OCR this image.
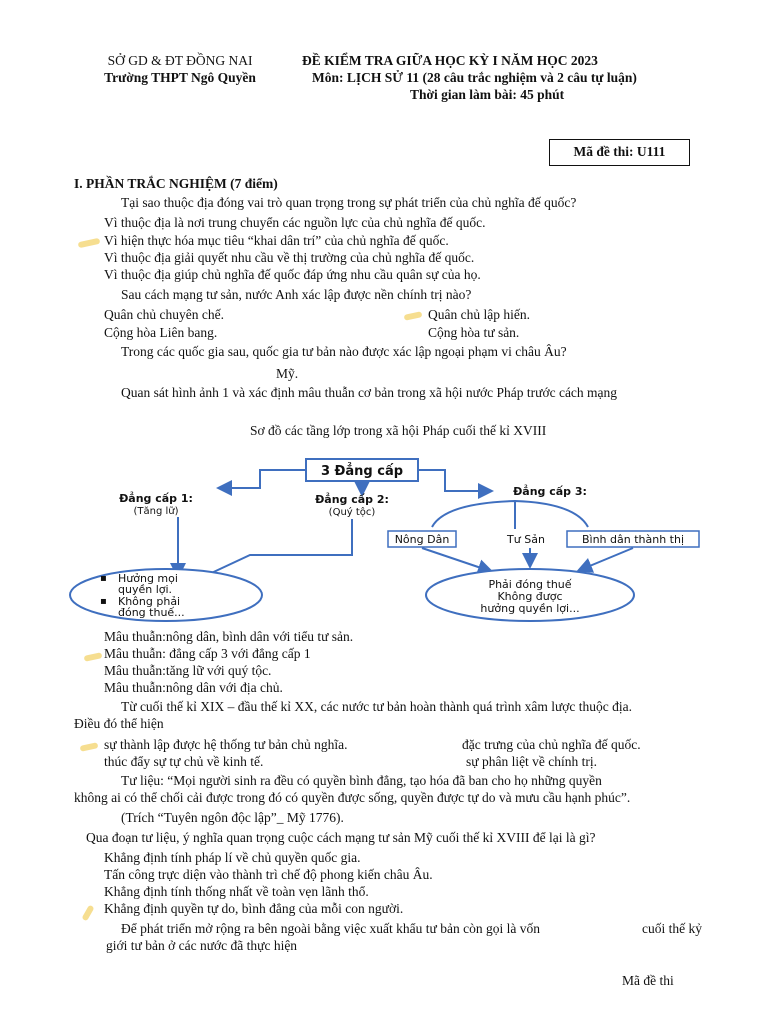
SỞ GD & ĐT ĐỒNG NAI
Trường THPT Ngô Quyền
ĐỀ KIỂM TRA GIỮA HỌC KỲ I NĂM HỌC 2023
Môn: LỊCH SỬ 11 (28 câu trắc nghiệm và 2 câu tự luận)
Thời gian làm bài: 45 phút
Mã đề thi: U111
I. PHẦN TRẮC NGHIỆM (7 điểm)
Tại sao thuộc địa đóng vai trò quan trọng trong sự phát triển của chủ nghĩa đế quốc?
Vì thuộc địa là nơi trung chuyển các nguồn lực của chủ nghĩa đế quốc.
Vì hiện thực hóa mục tiêu “khai dân trí” của chủ nghĩa đế quốc.
Vì thuộc địa giải quyết nhu cầu về thị trường của chủ nghĩa đế quốc.
Vì thuộc địa giúp chủ nghĩa đế quốc đáp ứng nhu cầu quân sự của họ.
Sau cách mạng tư sản, nước Anh xác lập được nền chính trị nào?
Quân chủ chuyên chế.	Quân chủ lập hiến.
Cộng hòa Liên bang.	Cộng hòa tư sản.
Trong các quốc gia sau, quốc gia tư bản nào được xác lập ngoại phạm vi châu Âu?
Mỹ.
Quan sát hình ảnh 1 và xác định mâu thuẫn cơ bản trong xã hội nước Pháp trước cách mạng
Sơ đồ các tầng lớp trong xã hội Pháp cuối thế kỉ XVIII
3 Đẳng cấp
Đẳng cấp 1:
(Tăng lữ)
Đẳng cấp 2:
(Quý tộc)
Đẳng cấp 3:
▪ Hưởng mọi
quyền lợi.
▪ Không phải
đóng thuế...
Nông Dân	Tư Sản	Bình dân thành thị
Phải đóng thuế
Không được
hưởng quyền lợi...
Mâu thuẫn:nông dân, bình dân với tiểu tư sản.
Mâu thuẫn: đẳng cấp 3 với đẳng cấp 1
Mâu thuẫn:tăng lữ với quý tộc.
Mâu thuẫn:nông dân với địa chủ.
Từ cuối thế kỉ XIX – đầu thế kỉ XX, các nước tư bản hoàn thành quá trình xâm lược thuộc địa.
Điều đó thể hiện
sự thành lập được hệ thống tư bản chủ nghĩa.	đặc trưng của chủ nghĩa đế quốc.
thúc đẩy sự tự chủ về kinh tế.	sự phân liệt về chính trị.
Tư liệu: “Mọi người sinh ra đều có quyền bình đẳng, tạo hóa đã ban cho họ những quyền
không ai có thể chối cải được trong đó có quyền được sống, quyền được tự do và mưu cầu hạnh phúc”.
(Trích “Tuyên ngôn độc lập”_ Mỹ 1776).
Qua đoạn tư liệu, ý nghĩa quan trọng cuộc cách mạng tư sản Mỹ cuối thế kỉ XVIII để lại là gì?
Khẳng định tính pháp lí về chủ quyền quốc gia.
Tấn công trực diện vào thành trì chế độ phong kiến châu Âu.
Khẳng định tính thống nhất về toàn vẹn lãnh thổ.
Khẳng định quyền tự do, bình đẳng của mỗi con người.
Để phát triển mở rộng ra bên ngoài bằng việc xuất khẩu tư bản còn gọi là vốn	cuối thế kỷ
giới tư bản ở các nước đã thực hiện
Mã đề thi
